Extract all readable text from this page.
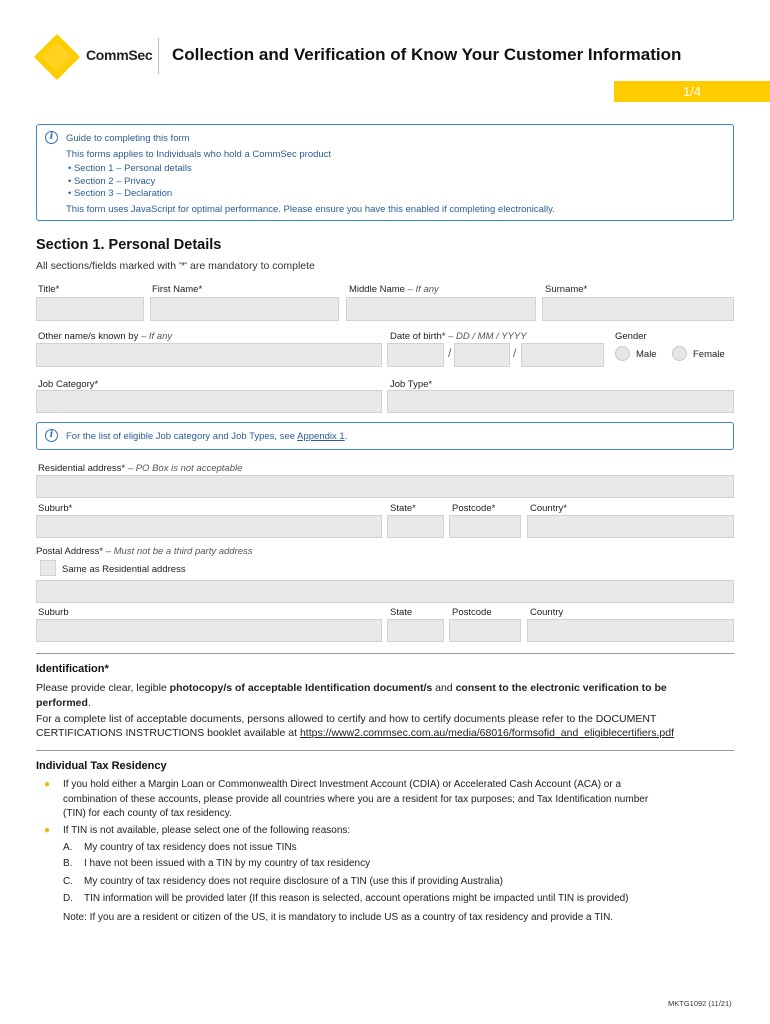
CommSec Collection and Verification of Know Your Customer Information
1/4
i	Guide to completing this form
This forms applies to Individuals who hold a CommSec product
• Section 1 – Personal details
• Section 2 – Privacy
• Section 3 – Declaration
This form uses JavaScript for optimal performance. Please ensure you have this enabled if completing electronically.
Section 1. Personal Details
All sections/fields marked with '*' are mandatory to complete
Title*	First Name*	Middle Name – If any	Surname*
Other name/s known by – If any	Date of birth* – DD / MM / YYYY	Gender
/	/	Male	Female
Job Category*	Job Type*
i	For the list of eligible Job category and Job Types, see Appendix 1.
Residential address* – PO Box is not acceptable
Suburb*	State*	Postcode*	Country*
Postal Address* – Must not be a third party address
Same as Residential address
Suburb	State	Postcode	Country
Identification*
Please provide clear, legible photocopy/s of acceptable Identification document/s and consent to the electronic verification to be
performed.
For a complete list of acceptable documents, persons allowed to certify and how to certify documents please refer to the DOCUMENT
CERTIFICATIONS INSTRUCTIONS booklet available at https://www2.commsec.com.au/media/68016/formsofid_and_eligiblecertifiers.pdf
Individual Tax Residency
● If you hold either a Margin Loan or Commonwealth Direct Investment Account (CDIA) or Accelerated Cash Account (ACA) or a
combination of these accounts, please provide all countries where you are a resident for tax purposes; and Tax Identification number
(TIN) for each county of tax residency.
● If TIN is not available, please select one of the following reasons:
A. My country of tax residency does not issue TINs
B. I have not been issued with a TIN by my country of tax residency
C. My country of tax residency does not require disclosure of a TIN (use this if providing Australia)
D. TIN information will be provided later (If this reason is selected, account operations might be impacted until TIN is provided)
Note: If you are a resident or citizen of the US, it is mandatory to include US as a country of tax residency and provide a TIN.
MKTG1092 (11/21)
